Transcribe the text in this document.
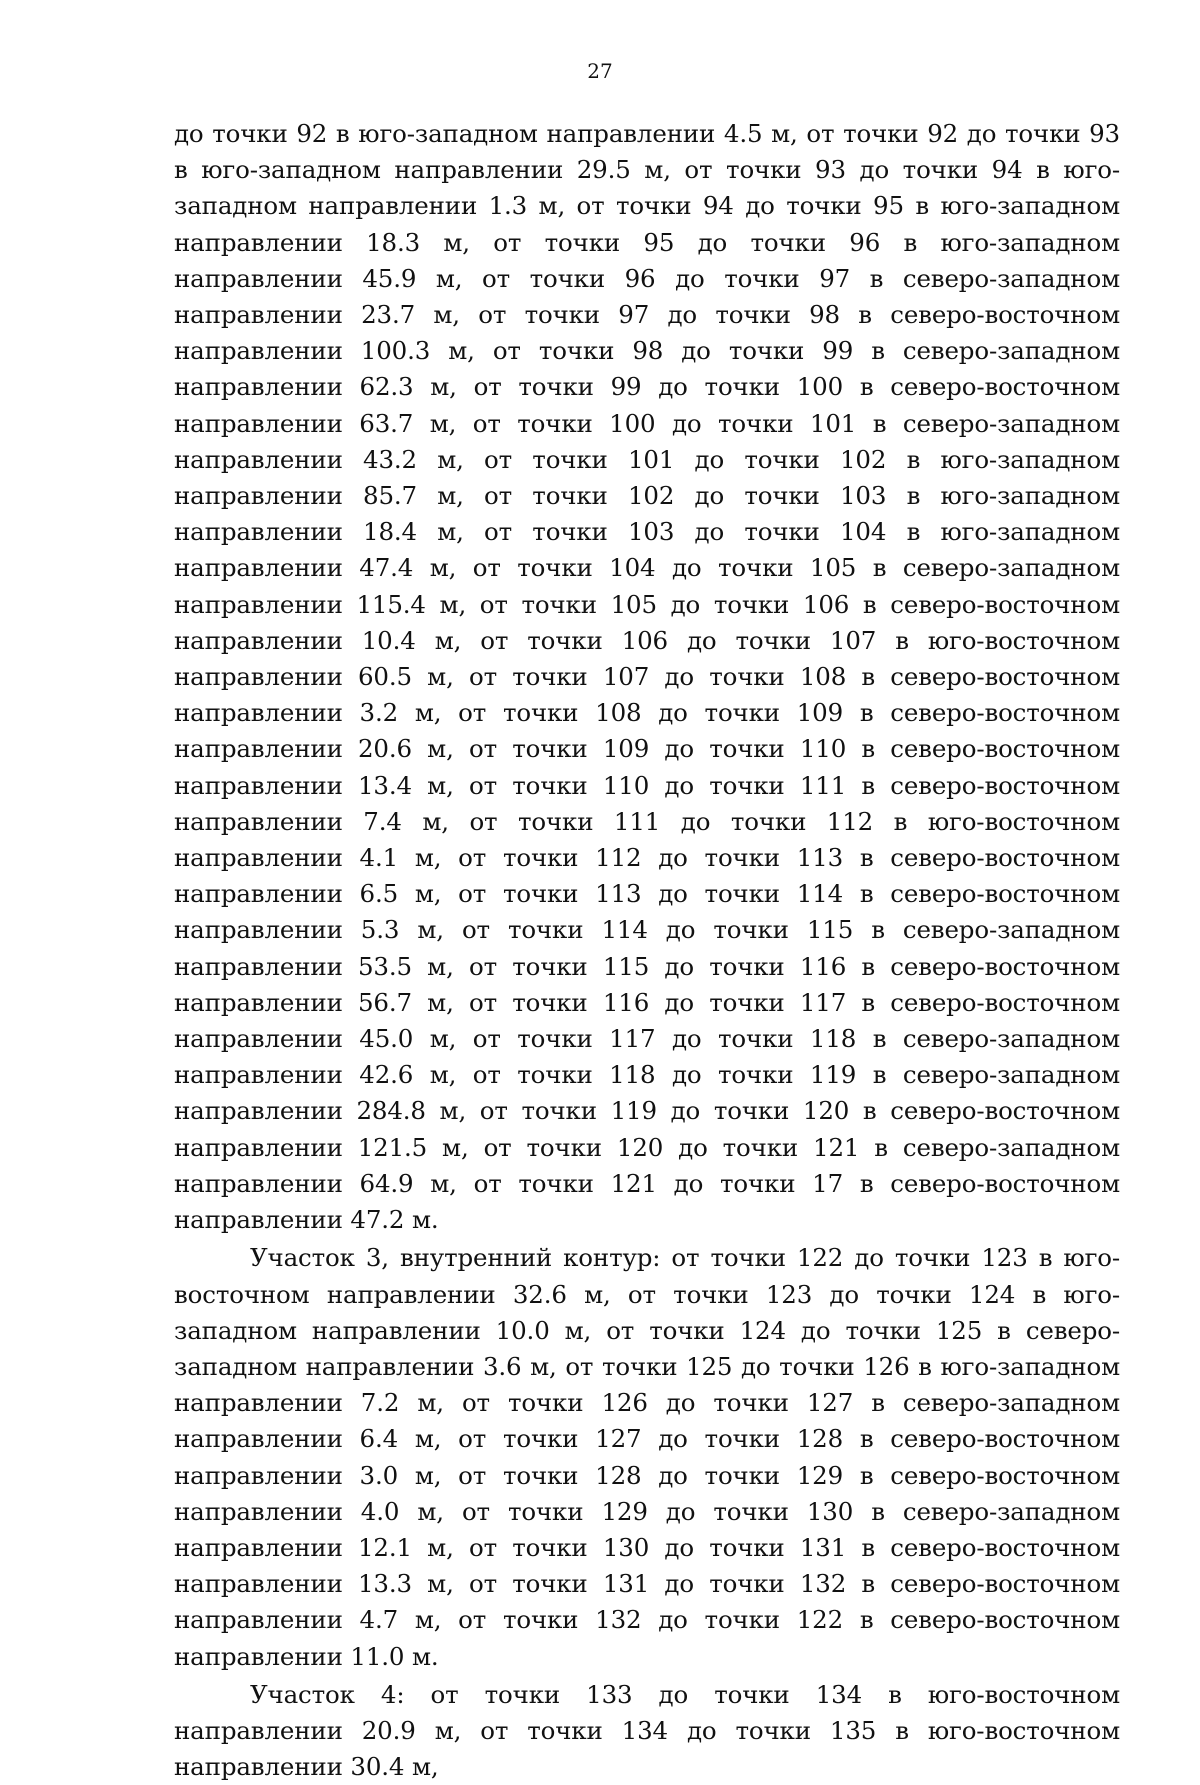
27

до точки 92 в юго-западном направлении 4.5 м, от точки 92 до точки 93 в юго-западном направлении 29.5 м, от точки 93 до точки 94 в юго-западном направлении 1.3 м, от точки 94 до точки 95 в юго-западном направлении 18.3 м, от точки 95 до точки 96 в юго-западном направлении 45.9 м, от точки 96 до точки 97 в северо-западном направлении 23.7 м, от точки 97 до точки 98 в северо-восточном направлении 100.3 м, от точки 98 до точки 99 в северо-западном направлении 62.3 м, от точки 99 до точки 100 в северо-восточном направлении 63.7 м, от точки 100 до точки 101 в северо-западном направлении 43.2 м, от точки 101 до точки 102 в юго-западном направлении 85.7 м, от точки 102 до точки 103 в юго-западном направлении 18.4 м, от точки 103 до точки 104 в юго-западном направлении 47.4 м, от точки 104 до точки 105 в северо-западном направлении 115.4 м, от точки 105 до точки 106 в северо-восточном направлении 10.4 м, от точки 106 до точки 107 в юго-восточном направлении 60.5 м, от точки 107 до точки 108 в северо-восточном направлении 3.2 м, от точки 108 до точки 109 в северо-восточном направлении 20.6 м, от точки 109 до точки 110 в северо-восточном направлении 13.4 м, от точки 110 до точки 111 в северо-восточном направлении 7.4 м, от точки 111 до точки 112 в юго-восточном направлении 4.1 м, от точки 112 до точки 113 в северо-восточном направлении 6.5 м, от точки 113 до точки 114 в северо-восточном направлении 5.3 м, от точки 114 до точки 115 в северо-западном направлении 53.5 м, от точки 115 до точки 116 в северо-восточном направлении 56.7 м, от точки 116 до точки 117 в северо-восточном направлении 45.0 м, от точки 117 до точки 118 в северо-западном направлении 42.6 м, от точки 118 до точки 119 в северо-западном направлении 284.8 м, от точки 119 до точки 120 в северо-восточном направлении 121.5 м, от точки 120 до точки 121 в северо-западном направлении 64.9 м, от точки 121 до точки 17 в северо-восточном направлении 47.2 м.

Участок 3, внутренний контур: от точки 122 до точки 123 в юго-восточном направлении 32.6 м, от точки 123 до точки 124 в юго-западном направлении 10.0 м, от точки 124 до точки 125 в северо-западном направлении 3.6 м, от точки 125 до точки 126 в юго-западном направлении 7.2 м, от точки 126 до точки 127 в северо-западном направлении 6.4 м, от точки 127 до точки 128 в северо-восточном направлении 3.0 м, от точки 128 до точки 129 в северо-восточном направлении 4.0 м, от точки 129 до точки 130 в северо-западном направлении 12.1 м, от точки 130 до точки 131 в северо-восточном направлении 13.3 м, от точки 131 до точки 132 в северо-восточном направлении 4.7 м, от точки 132 до точки 122 в северо-восточном направлении 11.0 м.

Участок 4: от точки 133 до точки 134 в юго-восточном направлении 20.9 м, от точки 134 до точки 135 в юго-восточном направлении 30.4 м,
